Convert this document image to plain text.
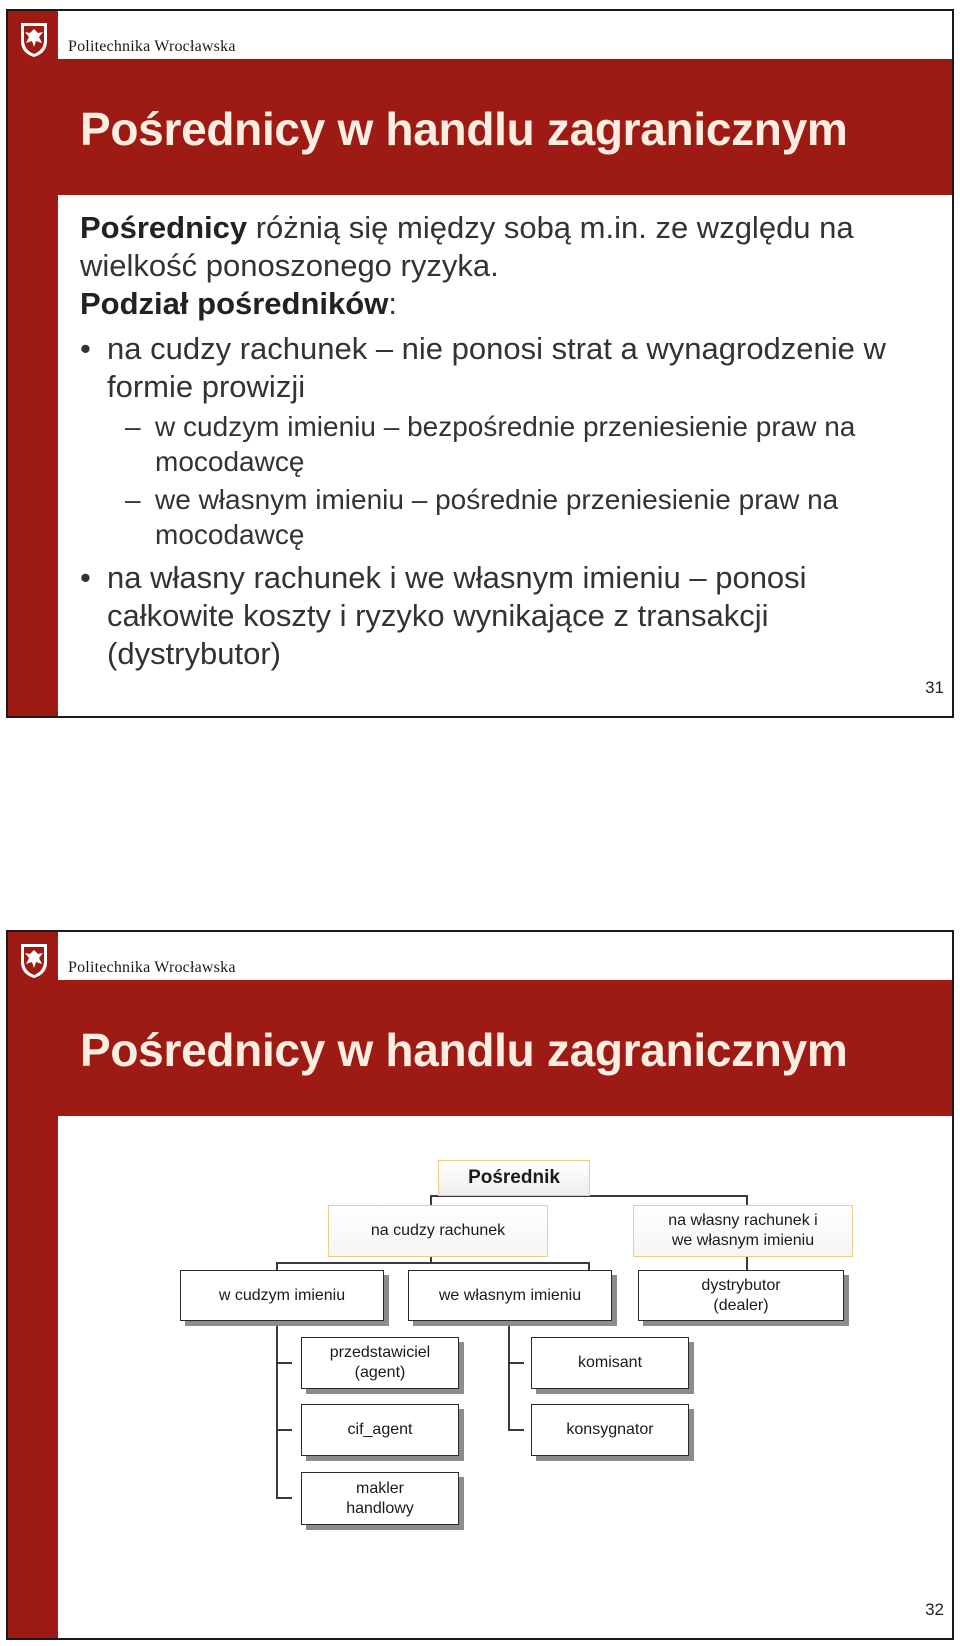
Politechnika Wrocławska
Pośrednicy w handlu zagranicznym

Pośrednicy różnią się między sobą m.in. ze względu na wielkość ponoszonego ryzyka.

Podział pośredników:

• na cudzy rachunek – nie ponosi strat a wynagrodzenie w formie prowizji

– w cudzym imieniu – bezpośrednie przeniesienie praw na mocodawcę

– we własnym imieniu – pośrednie przeniesienie praw na mocodawcę

• na własny rachunek i we własnym imieniu – ponosi całkowite koszty i ryzyko wynikające z transakcji (dystrybutor)

31
Politechnika Wrocławska
Pośrednicy w handlu zagranicznym
Pośrednik
na cudzy rachunek
na własny rachunek i
we własnym imieniu
w cudzym imieniu	we własnym imieniu
dystrybutor
(dealer)
przedstawiciel
(agent)
cif_agent
makler
handlowy
komisant
konsygnator
32
